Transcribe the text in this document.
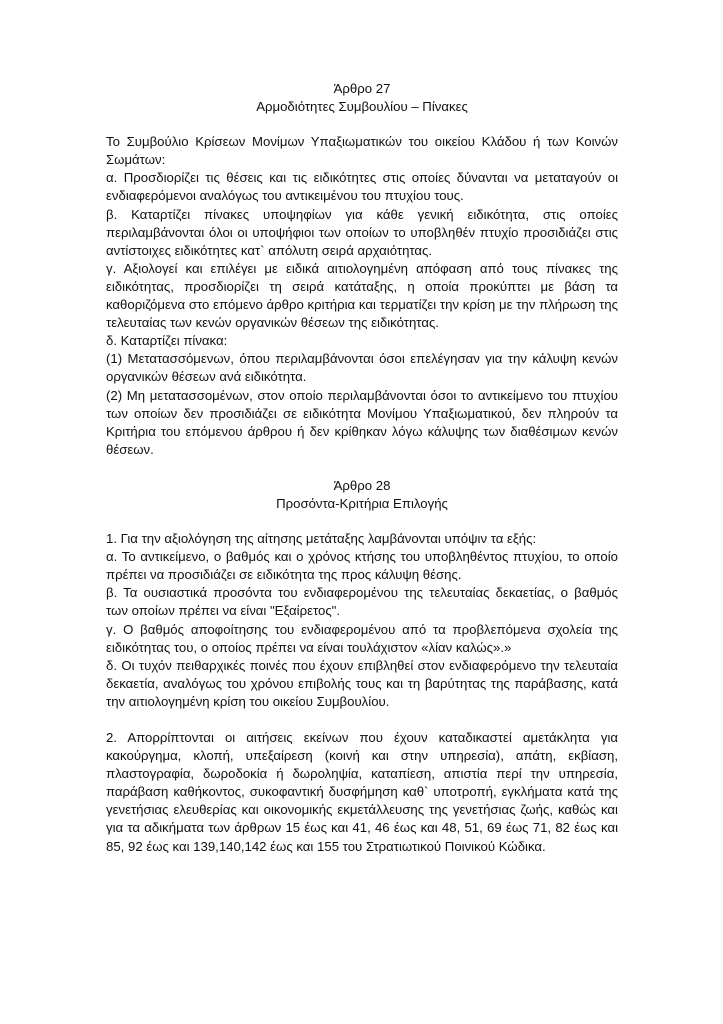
Άρθρο 27
Αρμοδιότητες Συμβουλίου – Πίνακες

Το Συμβούλιο Κρίσεων Μονίμων Υπαξιωματικών του οικείου Κλάδου ή των Κοινών Σωμάτων:

α. Προσδιορίζει τις θέσεις και τις ειδικότητες στις οποίες δύνανται να μεταταγούν οι ενδιαφερόμενοι αναλόγως του αντικειμένου του πτυχίου τους.

β. Καταρτίζει πίνακες υποψηφίων για κάθε γενική ειδικότητα, στις οποίες περιλαμβάνονται όλοι οι υποψήφιοι των οποίων το υποβληθέν πτυχίο προσιδιάζει στις αντίστοιχες ειδικότητες κατ` απόλυτη σειρά αρχαιότητας.

γ. Αξιολογεί και επιλέγει με ειδικά αιτιολογημένη απόφαση από τους πίνακες της ειδικότητας, προσδιορίζει τη σειρά κατάταξης, η οποία προκύπτει με βάση τα καθοριζόμενα στο επόμενο άρθρο κριτήρια και τερματίζει την κρίση με την πλήρωση της τελευταίας των κενών οργανικών θέσεων της ειδικότητας.

δ. Καταρτίζει πίνακα:

(1) Μετατασσόμενων, όπου περιλαμβάνονται όσοι επελέγησαν για την κάλυψη κενών οργανικών θέσεων ανά ειδικότητα.

(2) Μη μετατασσομένων, στον οποίο περιλαμβάνονται όσοι το αντικείμενο του πτυχίου των οποίων δεν προσιδιάζει σε ειδικότητα Μονίμου Υπαξιωματικού, δεν πληρούν τα Κριτήρια του επόμενου άρθρου ή δεν κρίθηκαν λόγω κάλυψης των διαθέσιμων κενών θέσεων.

Άρθρο 28
Προσόντα-Κριτήρια Επιλογής

1. Για την αξιολόγηση της αίτησης μετάταξης λαμβάνονται υπόψιν τα εξής:

α. Το αντικείμενο, ο βαθμός και ο χρόνος κτήσης του υποβληθέντος πτυχίου, το οποίο πρέπει να προσιδιάζει σε ειδικότητα της προς κάλυψη θέσης.

β. Τα ουσιαστικά προσόντα του ενδιαφερομένου της τελευταίας δεκαετίας, ο βαθμός των οποίων πρέπει να είναι "Εξαίρετος".

γ. Ο βαθμός αποφοίτησης του ενδιαφερομένου από τα προβλεπόμενα σχολεία της ειδικότητας του, ο οποίος πρέπει να είναι τουλάχιστον «λίαν καλώς».»

δ. Οι τυχόν πειθαρχικές ποινές που έχουν επιβληθεί στον ενδιαφερόμενο την τελευταία δεκαετία, αναλόγως του χρόνου επιβολής τους και τη βαρύτητας της παράβασης, κατά την αιτιολογημένη κρίση του οικείου Συμβουλίου.

2. Απορρίπτονται οι αιτήσεις εκείνων που έχουν καταδικαστεί αμετάκλητα για κακούργημα, κλοπή, υπεξαίρεση (κοινή και στην υπηρεσία), απάτη, εκβίαση, πλαστογραφία, δωροδοκία ή δωροληψία, καταπίεση, απιστία περί την υπηρεσία, παράβαση καθήκοντος, συκοφαντική δυσφήμηση καθ` υποτροπή, εγκλήματα κατά της γενετήσιας ελευθερίας και οικονομικής εκμετάλλευσης της γενετήσιας ζωής, καθώς και για τα αδικήματα των άρθρων 15 έως και 41, 46 έως και 48, 51, 69 έως 71, 82 έως και 85, 92 έως και 139,140,142 έως και 155 του Στρατιωτικού Ποινικού Κώδικα.
